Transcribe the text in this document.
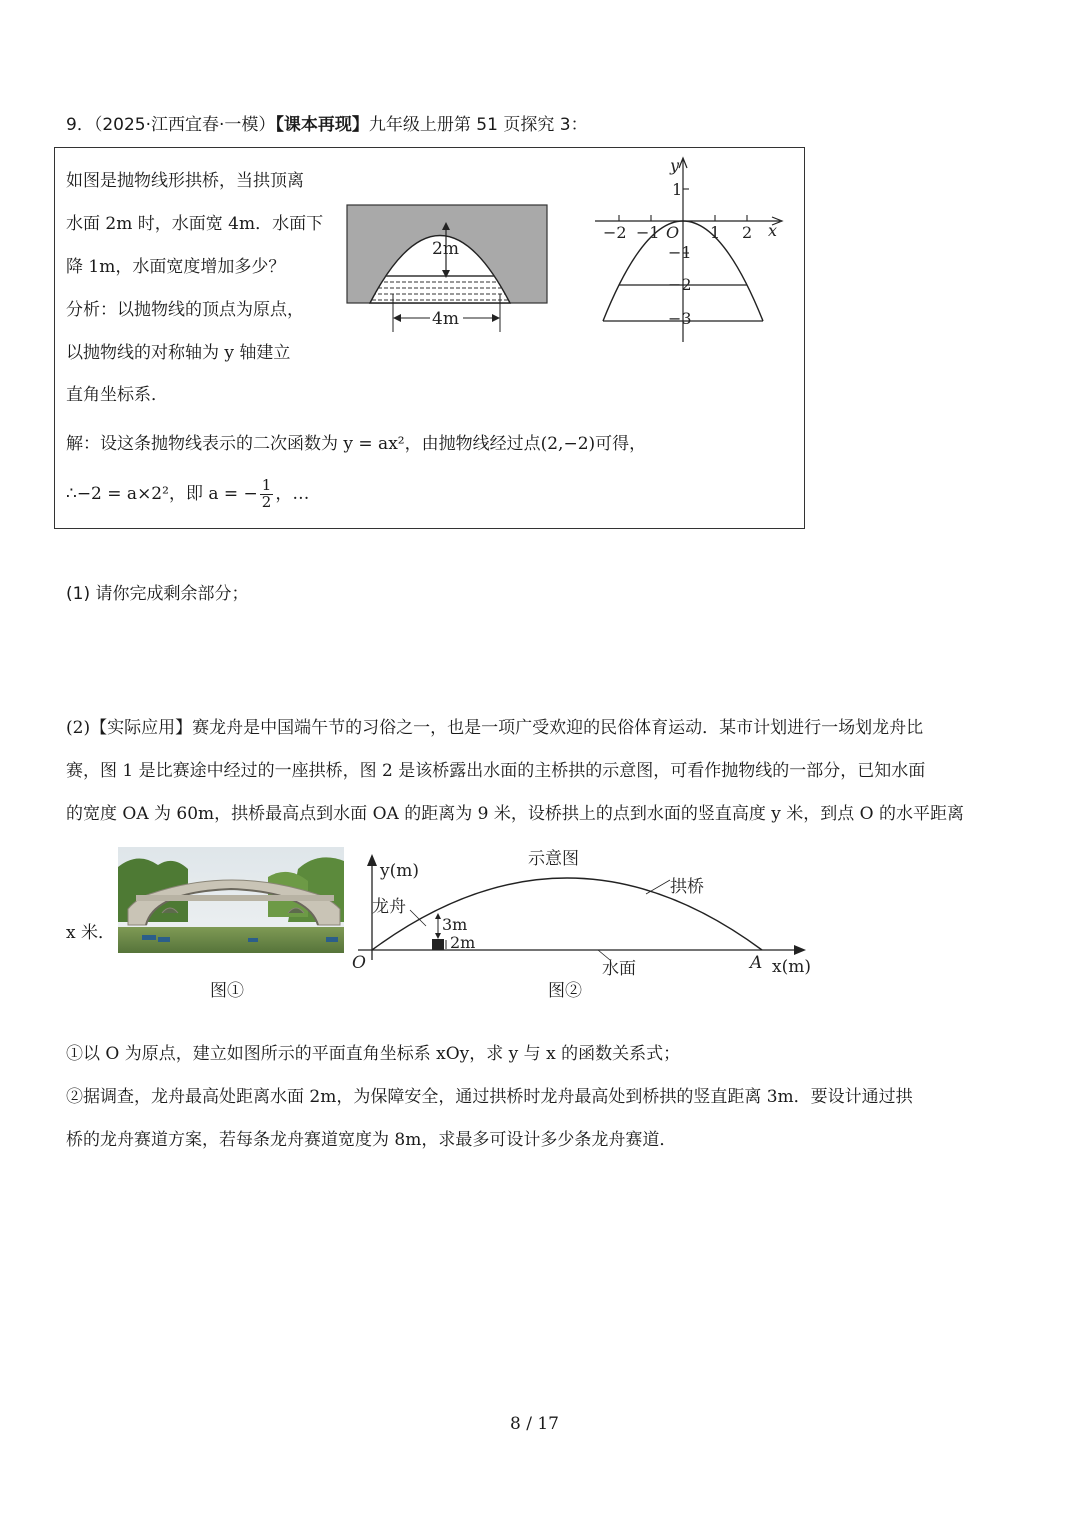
9．（2025·江西宜春·一模）【课本再现】九年级上册第 51 页探究 3：
如图是抛物线形拱桥，当拱顶离
水面 2m 时，水面宽 4m．水面下
降 1m，水面宽度增加多少？
分析：以抛物线的顶点为原点，
以抛物线的对称轴为 y 轴建立
直角坐标系．
解：设这条抛物线表示的二次函数为 y = ax²，由抛物线经过点(2,−2)可得，
∴−2 = a×2²，即 a = − $\frac{1}{2}$ ，…
2m
4m
y
x
O
−2 −1	1 2
1
−1
−2
−3
(1) 请你完成剩余部分；
(2)【实际应用】赛龙舟是中国端午节的习俗之一，也是一项广受欢迎的民俗体育运动．某市计划进行一场划龙舟比
赛，图 1 是比赛途中经过的一座拱桥，图 2 是该桥露出水面的主桥拱的示意图，可看作抛物线的一部分，已知水面
的宽度 OA 为 60m，拱桥最高点到水面 OA 的距离为 9 米，设桥拱上的点到水面的竖直高度 y 米，到点 O 的水平距离
x 米．
图①
示意图
y(m)
x(m)
O	A
龙舟
拱桥
水面
3m
2m
图②
①以 O 为原点，建立如图所示的平面直角坐标系 xOy，求 y 与 x 的函数关系式；
②据调查，龙舟最高处距离水面 2m，为保障安全，通过拱桥时龙舟最高处到桥拱的竖直距离 3m．要设计通过拱
桥的龙舟赛道方案，若每条龙舟赛道宽度为 8m，求最多可设计多少条龙舟赛道．
8 / 17
